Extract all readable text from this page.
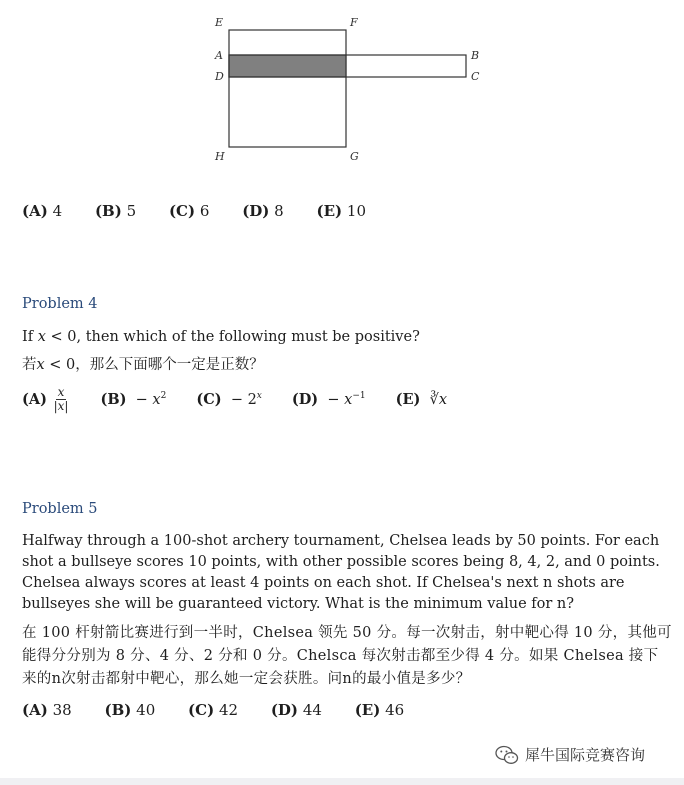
E	F
A
D
B
C
H	G
(A) 4 (B) 5 (C) 6 (D) 8 (E) 10
Problem 4
If x < 0, then which of the following must be positive?
若x < 0，那么下面哪个一定是正数？
(A)
$\frac{x}{|x|} (B) - x^2$ $(C) - 2^x$ $(D) - x^{-1}$ (E) ∛x
Problem 5
Halfway through a 100-shot archery tournament, Chelsea leads by 50 points. For each shot a bullseye scores 10 points, with other possible scores being 8, 4, 2, and 0 points. Chelsea always scores at least 4 points on each shot. If Chelsea's next n shots are bullseyes she will be guaranteed victory. What is the minimum value for n?
在 100 杆射箭比赛进行到一半时，Chelsea 领先 50 分。每一次射击，射中靶心得 10 分，其他可能得分分别为 8 分、4 分、2 分和 0 分。Chelsca 每次射击都至少得 4 分。如果 Chelsea 接下来的n次射击都射中靶心，那么她一定会获胜。问n的最小值是多少？
(A) 38 (B) 40 (C) 42 (D) 44 (E) 46
犀牛国际竞赛咨询
